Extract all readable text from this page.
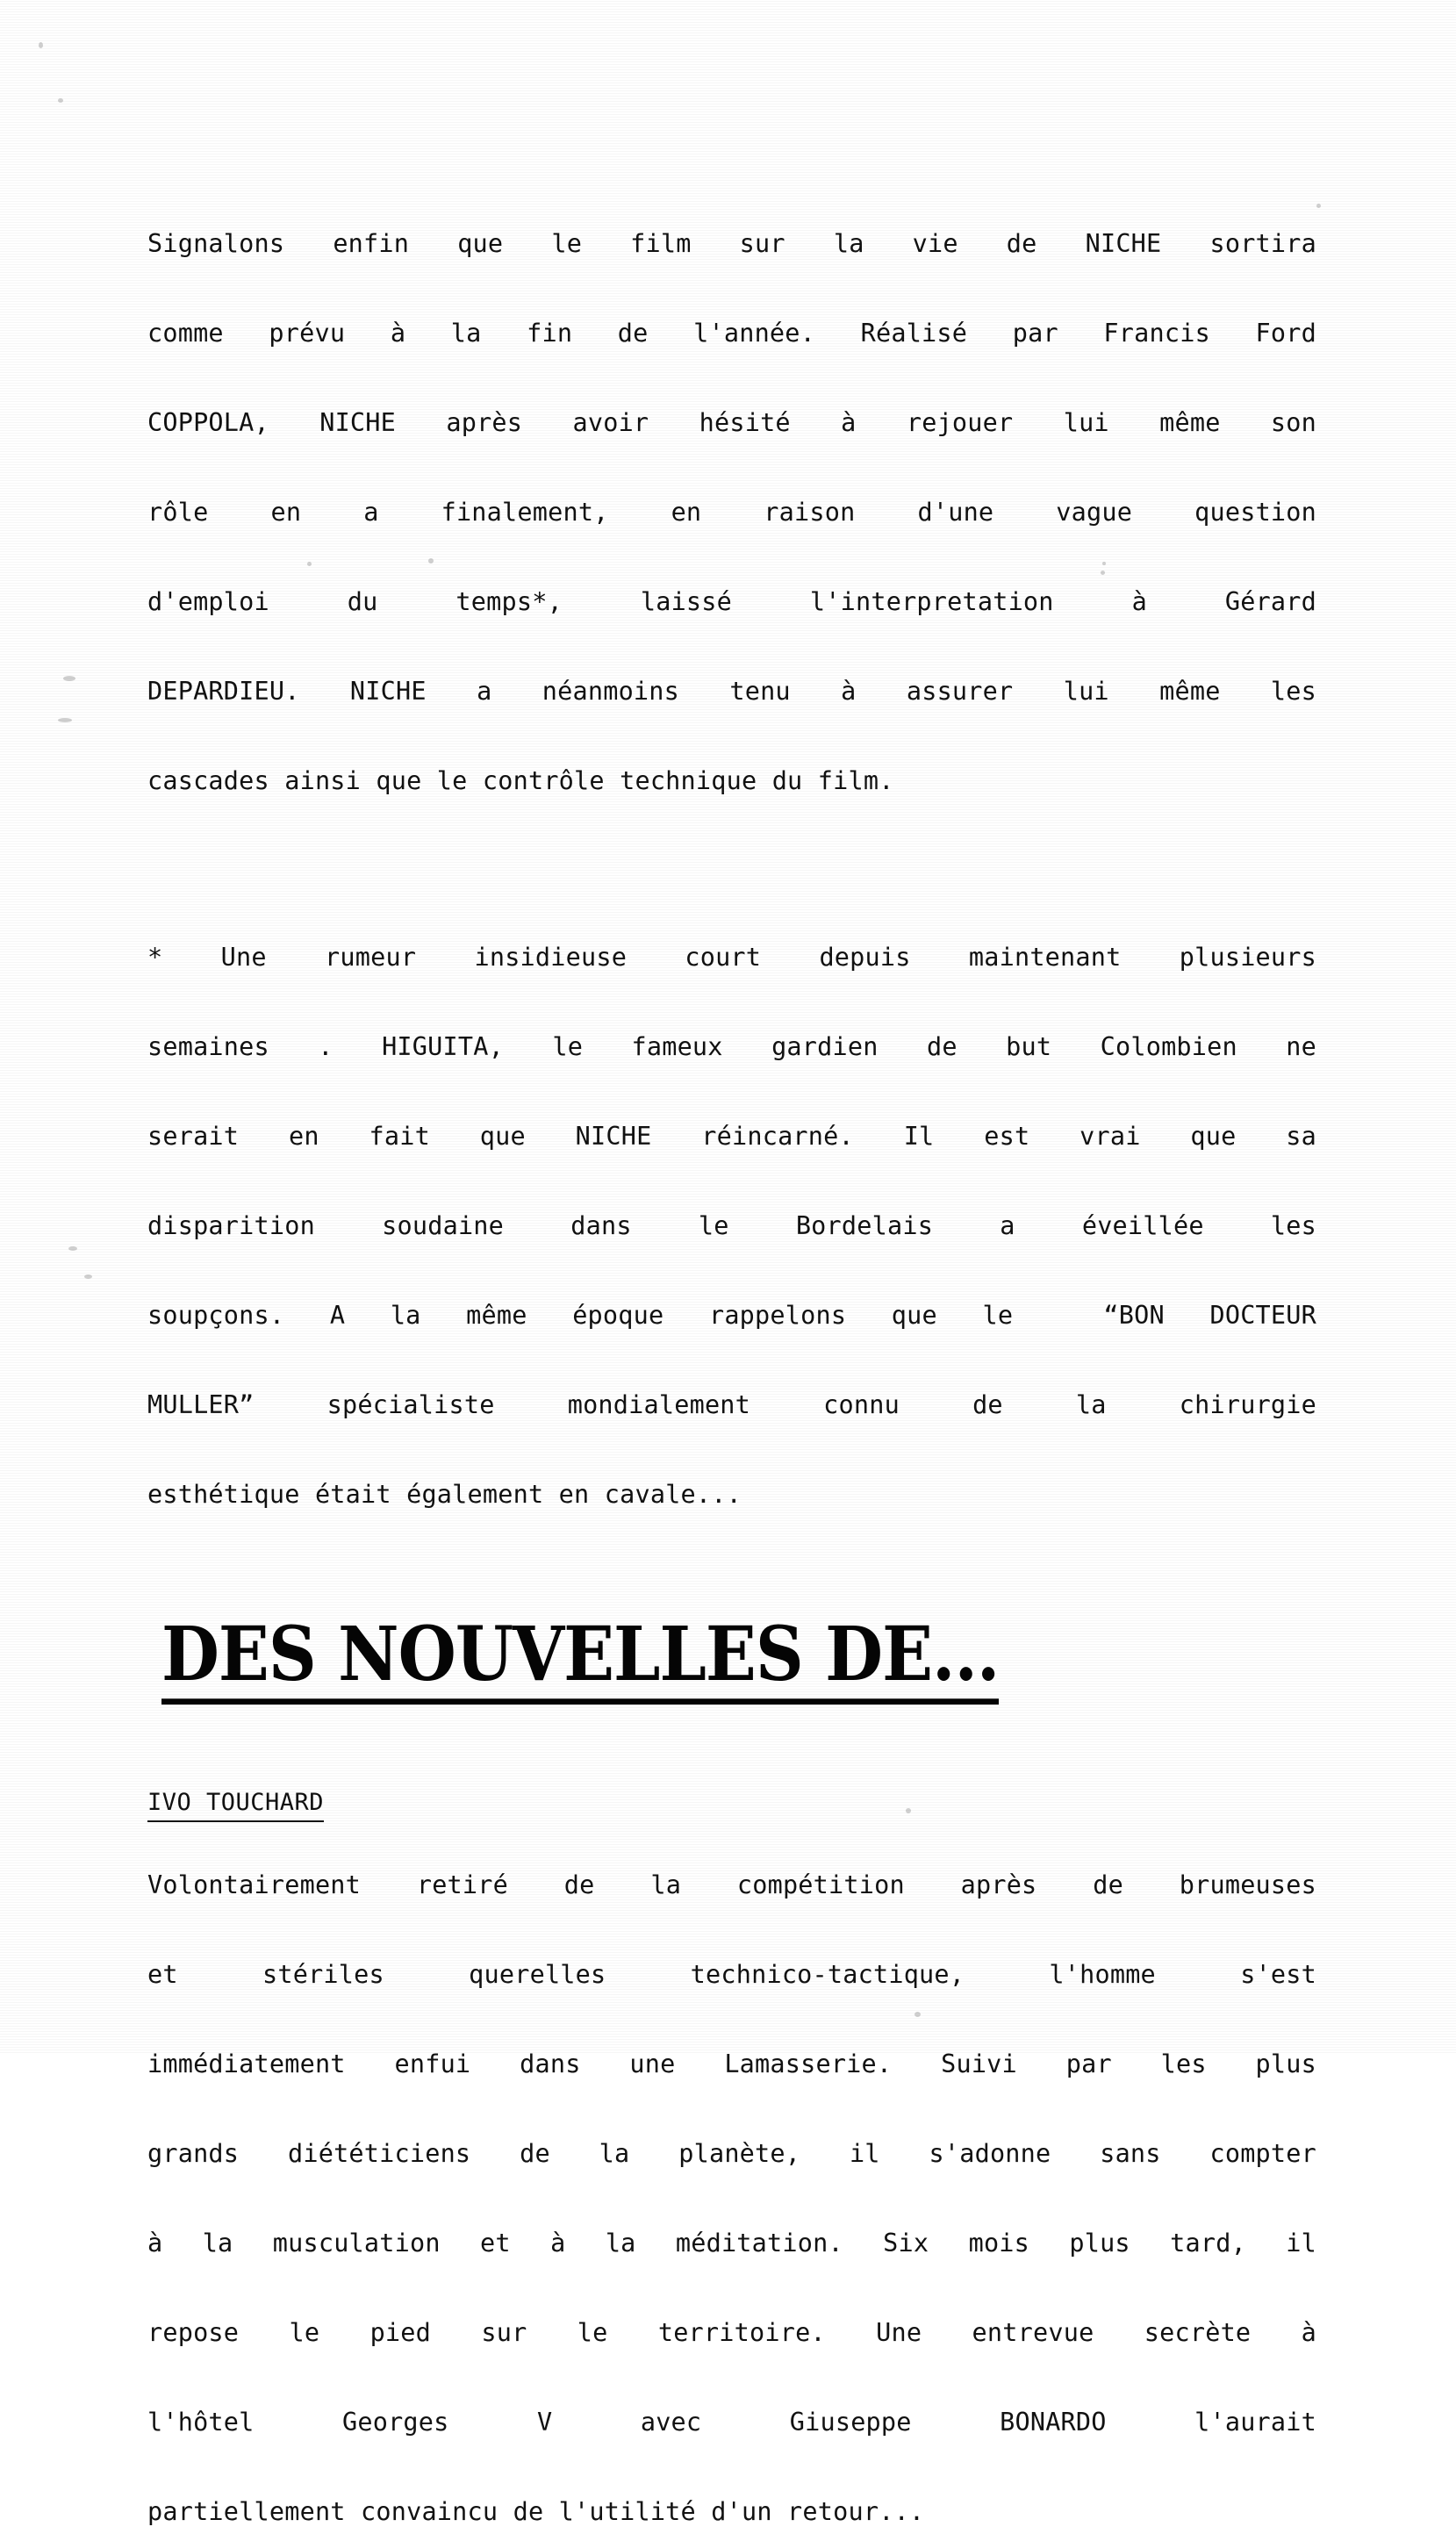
Signalons enfin que le film sur la vie de NICHE sortira
comme prévu à la fin de l'année. Réalisé par Francis Ford
COPPOLA, NICHE après avoir hésité à rejouer lui même son
rôle en a finalement, en raison d'une vague question
d'emploi du temps*, laissé l'interpretation à Gérard
DEPARDIEU. NICHE a néanmoins tenu à assurer lui même les
cascades ainsi que le contrôle technique du film.
* Une rumeur insidieuse court depuis maintenant plusieurs
semaines . HIGUITA, le fameux gardien de but Colombien ne
serait en fait que NICHE réincarné. Il est vrai que sa
disparition soudaine dans le Bordelais a éveillée les
soupçons. A la même époque rappelons que le  “BON DOCTEUR
MULLER” spécialiste mondialement connu de la chirurgie
esthétique était également en cavale...
DES NOUVELLES DE...
IVO TOUCHARD
Volontairement retiré de la compétition après de brumeuses
et stériles querelles technico-tactique, l'homme s'est
immédiatement enfui dans une Lamasserie. Suivi par les plus
grands diététiciens de la planète, il s'adonne sans compter
à la musculation et à la méditation. Six mois plus tard, il
repose le pied sur le territoire. Une entrevue secrète à
l'hôtel Georges V avec Giuseppe BONARDO l'aurait
partiellement convaincu de l'utilité d'un retour...
